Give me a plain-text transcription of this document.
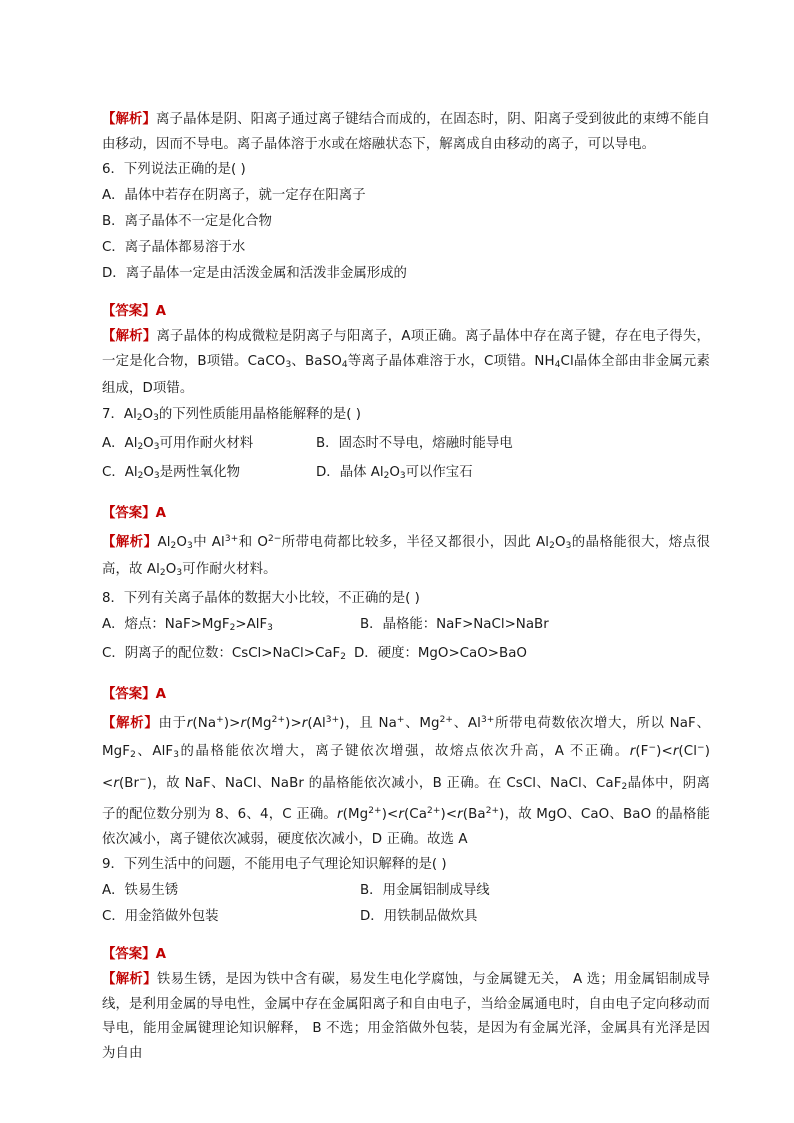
【解析】离子晶体是阴、阳离子通过离子键结合而成的，在固态时，阴、阳离子受到彼此的束缚不能自由移动，因而不导电。离子晶体溶于水或在熔融状态下，解离成自由移动的离子，可以导电。

6．下列说法正确的是( )

A．晶体中若存在阴离子，就一定存在阳离子

B．离子晶体不一定是化合物

C．离子晶体都易溶于水

D．离子晶体一定是由活泼金属和活泼非金属形成的

【答案】A

【解析】离子晶体的构成微粒是阴离子与阳离子，A项正确。离子晶体中存在离子键，存在电子得失，一定是化合物，B项错。CaCO$_3$、BaSO$_4$等离子晶体难溶于水，C项错。$NH_4Cl$晶体全部由非金属元素组成，D项错。

7．$Al_2O_3$的下列性质能用晶格能解释的是( )

A．$Al_2O_3$可用作耐火材料	B．固态时不导电，熔融时能导电
C．$Al_2O_3$是两性氧化物	D．晶体 $Al_2O_3$可以作宝石

【答案】A

【解析】$Al_2O_3$中 $Al^{3+}$和 $O^{2-}$所带电荷都比较多，半径又都很小，因此 $Al_2O_3$的晶格能很大，熔点很高，故 $Al_2O_3$可作耐火材料。

8．下列有关离子晶体的数据大小比较，不正确的是( )

A．熔点：NaF>MgF$_2$>AlF$_3$	B．晶格能：NaF>NaCl>NaBr
C．阴离子的配位数：CsCl>NaCl>CaF$_2$ D．硬度：MgO>CaO>BaO

【答案】A

【解析】由于$r(Na^+)>r(Mg^{2+})>r(Al^{3+})$，且 Na+、$Mg^{2+}$、$Al^{3+}$所带电荷数依次增大，所以 NaF、MgF$_2$、AlF$_3$的晶格能依次增大，离子键依次增强，故熔点依次升高，A 不正确。r(F−)<r(Cl−)<r(Br−)，故 NaF、NaCl、NaBr 的晶格能依次减小，B 正确。在 CsCl、NaCl、CaF$_2$晶体中，阴离子的配位数分别为 8、6、4，C 正确。$r(Mg^{2+})<r(Ca^{2+})<r(Ba^{2+})$，故 MgO、CaO、BaO 的晶格能依次减小，离子键依次减弱，硬度依次减小，D 正确。故选 A

9．下列生活中的问题，不能用电子气理论知识解释的是( )

A．铁易生锈	B．用金属铝制成导线
C．用金箔做外包装	D．用铁制品做炊具

【答案】A

【解析】铁易生锈，是因为铁中含有碳，易发生电化学腐蚀，与金属键无关， A 选；用金属铝制成导线，是利用金属的导电性，金属中存在金属阳离子和自由电子，当给金属通电时，自由电子定向移动而导电，能用金属键理论知识解释， B 不选；用金箔做外包装，是因为有金属光泽，金属具有光泽是因为自由
